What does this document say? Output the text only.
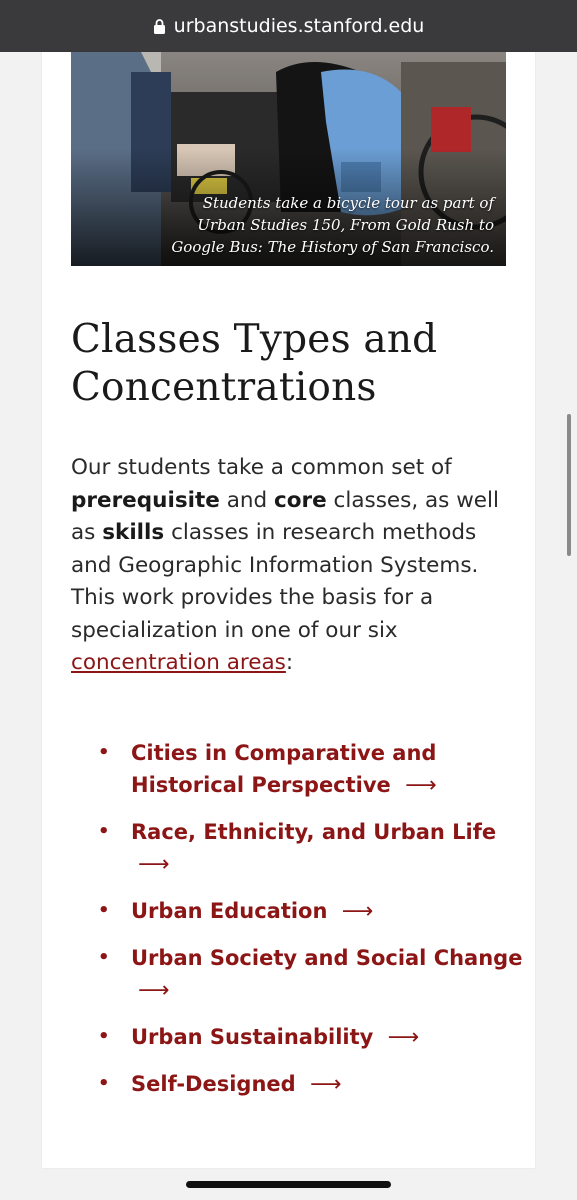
urbanstudies.stanford.edu
Students take a bicycle tour as part of Urban Studies 150, From Gold Rush to Google Bus: The History of San Francisco.
Classes Types and Concentrations

Our students take a common set of prerequisite and core classes, as well as skills classes in research methods and Geographic Information Systems. This work provides the basis for a specialization in one of our six concentration areas:

• Cities in Comparative and Historical Perspective  ⟶
• Race, Ethnicity, and Urban Life  ⟶
• Urban Education  ⟶
• Urban Society and Social Change  ⟶
• Urban Sustainability  ⟶
• Self-Designed  ⟶
